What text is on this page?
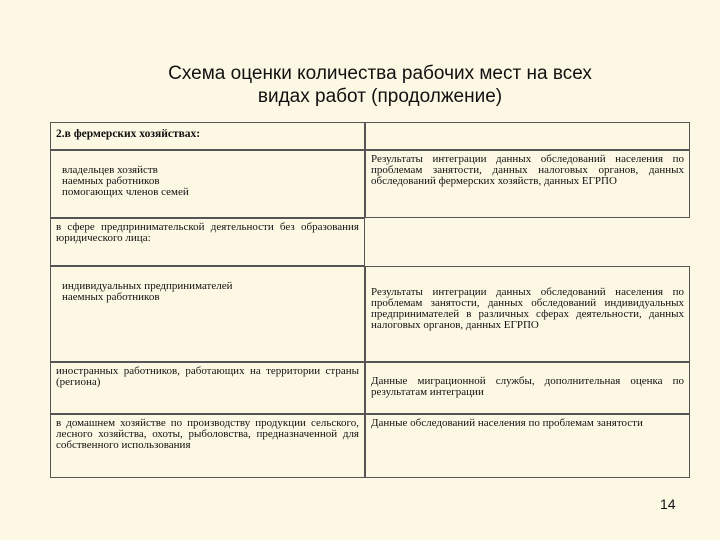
Схема оценки количества рабочих мест на всех
видах работ (продолжение)
2.в фермерских хозяйствах:

владельцев хозяйств
наемных работников
помогающих членов семей

Результаты интеграции данных обследований населения по проблемам занятости, данных налоговых органов, данных обследований фермерских хозяйств, данных ЕГРПО
в сфере предпринимательской деятельности без образования юридического лица:

индивидуальных предпринимателей
наемных работников	Результаты интеграции данных обследований населения по проблемам занятости, данных обследований индивидуальных предпринимателей в различных сферах деятельности, данных налоговых органов, данных ЕГРПО
иностранных работников, работающих на территории страны (региона)	Данные миграционной службы, дополнительная оценка по результатам интеграции
в домашнем хозяйстве по производству продукции сельского, лесного хозяйства, охоты, рыболовства, предназначенной для собственного использования
Данные обследований населения по проблемам занятости
14
